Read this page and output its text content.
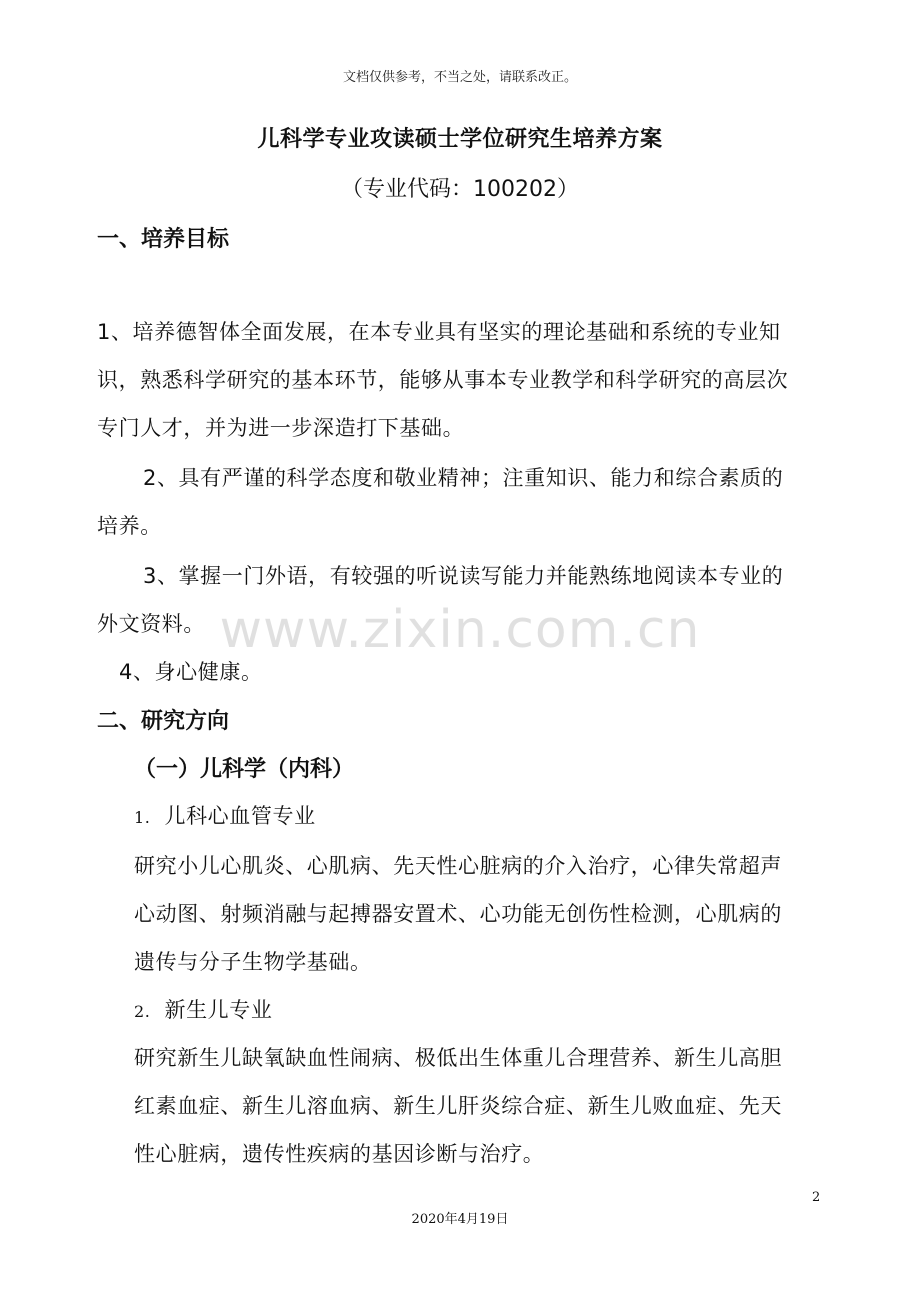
文档仅供参考，不当之处，请联系改正。
儿科学专业攻读硕士学位研究生培养方案
（专业代码：100202）
一、培养目标
1、培养德智体全面发展，在本专业具有坚实的理论基础和系统的专业知
识，熟悉科学研究的基本环节，能够从事本专业教学和科学研究的高层次
专门人才，并为进一步深造打下基础。
2、具有严谨的科学态度和敬业精神；注重知识、能力和综合素质的
培养。
3、掌握一门外语，有较强的听说读写能力并能熟练地阅读本专业的
外文资料。
4、身心健康。
二、研究方向
（一）儿科学（内科）
1. 儿科心血管专业
研究小儿心肌炎、心肌病、先天性心脏病的介入治疗，心律失常超声
心动图、射频消融与起搏器安置术、心功能无创伤性检测，心肌病的
遗传与分子生物学基础。
2. 新生儿专业
研究新生儿缺氧缺血性闹病、极低出生体重儿合理营养、新生儿高胆
红素血症、新生儿溶血病、新生儿肝炎综合症、新生儿败血症、先天
性心脏病，遗传性疾病的基因诊断与治疗。
www.zixin.com.cn
2
2020年4月19日
